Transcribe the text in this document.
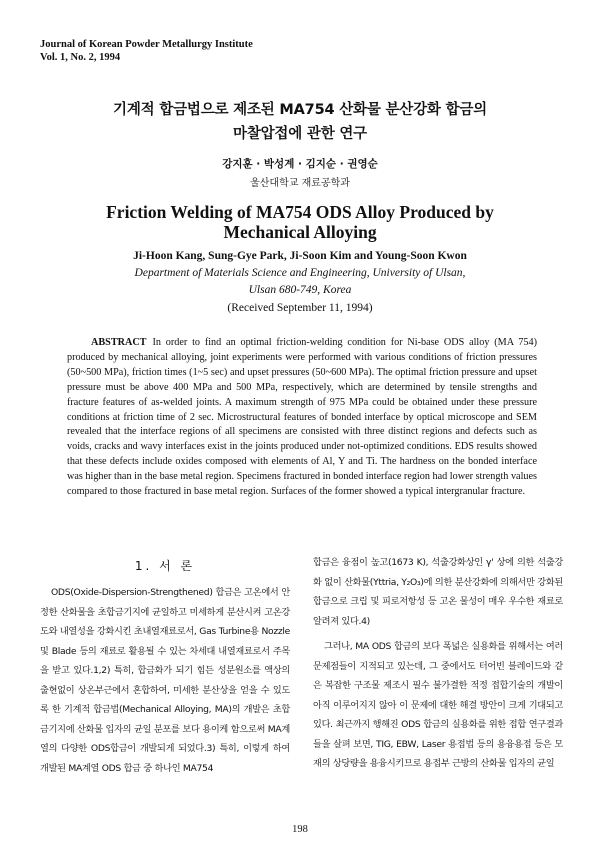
Journal of Korean Powder Metallurgy Institute
Vol. 1, No. 2, 1994
기계적 합금법으로 제조된 MA754 산화물 분산강화 합금의
마찰압접에 관한 연구
강지훈 · 박성계 · 김지순 · 권영순
울산대학교 재료공학과
Friction Welding of MA754 ODS Alloy Produced by
Mechanical Alloying
Ji-Hoon Kang, Sung-Gye Park, Ji-Soon Kim and Young-Soon Kwon
Department of Materials Science and Engineering, University of Ulsan,
Ulsan 680-749, Korea
(Received September 11, 1994)
ABSTRACT In order to find an optimal friction-welding condition for Ni-base ODS alloy (MA 754) produced by mechanical alloying, joint experiments were performed with various conditions of friction pressures (50~500 MPa), friction times (1~5 sec) and upset pressures (50~600 MPa). The optimal friction pressure and upset pressure must be above 400 MPa and 500 MPa, respectively, which are determined by tensile strengths and fracture features of as-welded joints. A maximum strength of 975 MPa could be obtained under these pressure conditions at friction time of 2 sec. Microstructural features of bonded interface by optical microscope and SEM revealed that the interface regions of all specimens are consisted with three distinct regions and defects such as voids, cracks and wavy interfaces exist in the joints produced under not-optimized conditions. EDS results showed that these defects include oxides composed with elements of Al, Y and Ti. The hardness on the bonded interface was higher than in the base metal region. Specimens fractured in bonded interface region had lower strength values compared to those fractured in base metal region. Surfaces of the former showed a typical intergranular fracture.
1. 서 론

ODS(Oxide-Dispersion-Strengthened) 합금은 고온에서 안정한 산화물을 초합금기지에 균일하고 미세하게 분산시켜 고온강도와 내열성을 강화시킨 초내열재료로서, Gas Turbine용 Nozzle 및 Blade 등의 재료로 활용될 수 있는 차세대 내열재료로서 주목을 받고 있다.1,2) 특히, 합금화가 되기 힘든 성분원소를 액상의 출현없이 상온부근에서 혼합하여, 미세한 분산상을 얻을 수 있도록 한 기계적 합금법(Mechanical Alloying, MA)의 개발은 초합금기지에 산화물 입자의 균일 분포를 보다 용이케 함으로써 MA계열의 다양한 ODS합금이 개발되게 되었다.3) 특히, 이렇게 하여 개발된 MA계열 ODS 합금 중 하나인 MA754

합금은 융점이 높고(1673 K), 석출강화상인 γ' 상에 의한 석출강화 없이 산화물(Yttria, Y₂O₃)에 의한 분산강화에 의해서만 강화된 합금으로 크립 및 피로저항성 등 고온 물성이 매우 우수한 재료로 알려져 있다.4)

그러나, MA ODS 합금의 보다 폭넓은 실용화를 위해서는 여러 문제점들이 지적되고 있는데, 그 중에서도 터어빈 블레이드와 같은 복잡한 구조물 제조시 필수 불가결한 적정 접합기술의 개발이 아직 이루어지지 않아 이 문제에 대한 해결 방안이 크게 기대되고 있다. 최근까지 행해진 ODS 합금의 실용화를 위한 접합 연구결과들을 살펴 보면, TIG, EBW, Laser 용접법 등의 용융용접 등은 모재의 상당량을 용융시키므로 용접부 근방의 산화물 입자의 균일

198
